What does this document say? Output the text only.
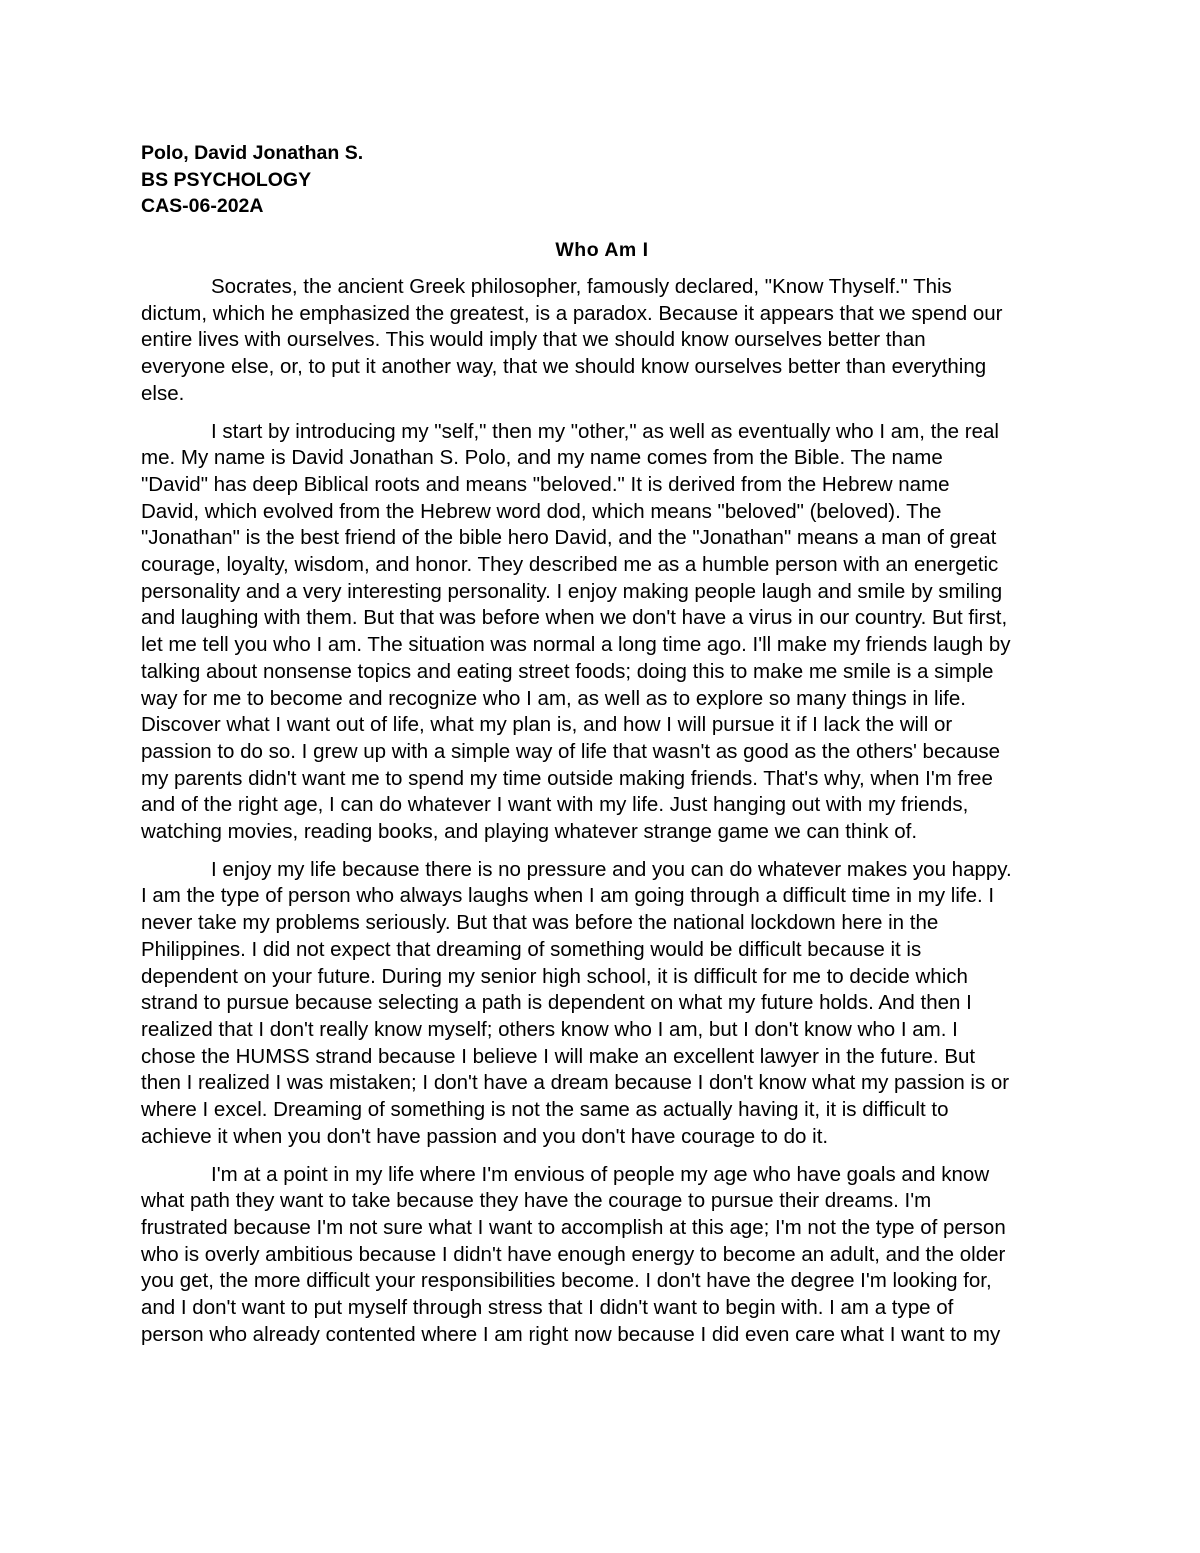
Polo, David Jonathan S.
BS PSYCHOLOGY
CAS-06-202A
Who Am I
Socrates, the ancient Greek philosopher, famously declared, "Know Thyself." This
dictum, which he emphasized the greatest, is a paradox. Because it appears that we spend our
entire lives with ourselves. This would imply that we should know ourselves better than
everyone else, or, to put it another way, that we should know ourselves better than everything
else.
I start by introducing my "self," then my "other," as well as eventually who I am, the real
me. My name is David Jonathan S. Polo, and my name comes from the Bible. The name
"David" has deep Biblical roots and means "beloved." It is derived from the Hebrew name
David, which evolved from the Hebrew word dod, which means "beloved" (beloved). The
"Jonathan" is the best friend of the bible hero David, and the "Jonathan" means a man of great
courage, loyalty, wisdom, and honor. They described me as a humble person with an energetic
personality and a very interesting personality. I enjoy making people laugh and smile by smiling
and laughing with them. But that was before when we don't have a virus in our country. But first,
let me tell you who I am. The situation was normal a long time ago. I'll make my friends laugh by
talking about nonsense topics and eating street foods; doing this to make me smile is a simple
way for me to become and recognize who I am, as well as to explore so many things in life.
Discover what I want out of life, what my plan is, and how I will pursue it if I lack the will or
passion to do so. I grew up with a simple way of life that wasn't as good as the others' because
my parents didn't want me to spend my time outside making friends. That's why, when I'm free
and of the right age, I can do whatever I want with my life. Just hanging out with my friends,
watching movies, reading books, and playing whatever strange game we can think of.
I enjoy my life because there is no pressure and you can do whatever makes you happy.
I am the type of person who always laughs when I am going through a difficult time in my life. I
never take my problems seriously. But that was before the national lockdown here in the
Philippines. I did not expect that dreaming of something would be difficult because it is
dependent on your future. During my senior high school, it is difficult for me to decide which
strand to pursue because selecting a path is dependent on what my future holds. And then I
realized that I don't really know myself; others know who I am, but I don't know who I am. I
chose the HUMSS strand because I believe I will make an excellent lawyer in the future. But
then I realized I was mistaken; I don't have a dream because I don't know what my passion is or
where I excel. Dreaming of something is not the same as actually having it, it is difficult to
achieve it when you don't have passion and you don't have courage to do it.
I'm at a point in my life where I'm envious of people my age who have goals and know
what path they want to take because they have the courage to pursue their dreams. I'm
frustrated because I'm not sure what I want to accomplish at this age; I'm not the type of person
who is overly ambitious because I didn't have enough energy to become an adult, and the older
you get, the more difficult your responsibilities become. I don't have the degree I'm looking for,
and I don't want to put myself through stress that I didn't want to begin with. I am a type of
person who already contented where I am right now because I did even care what I want to my
